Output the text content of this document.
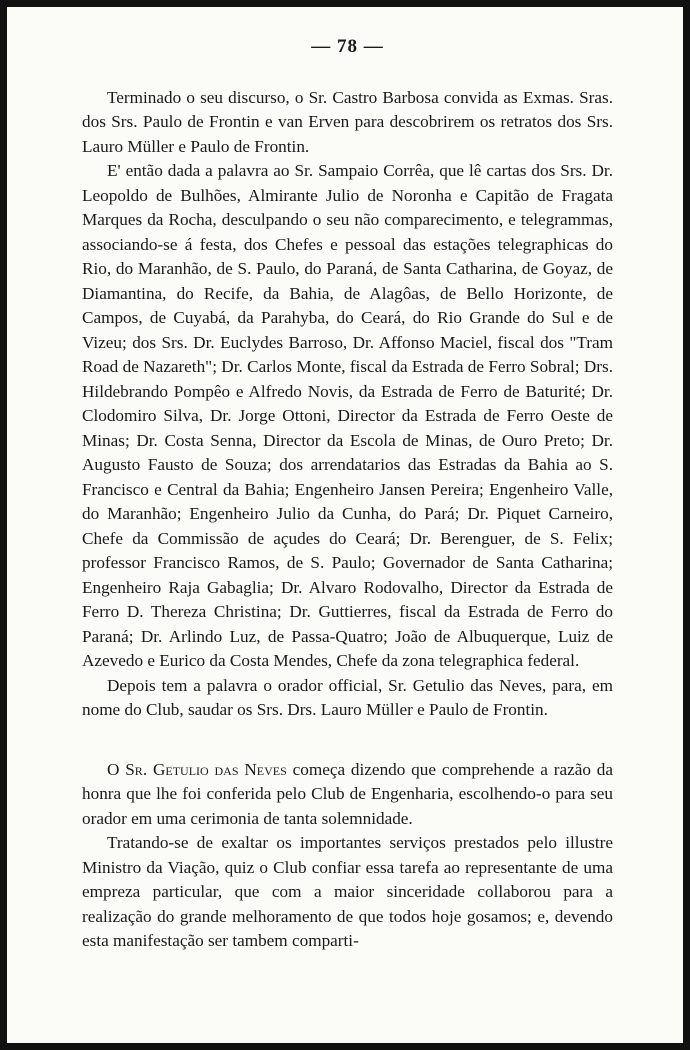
— 78 —

Terminado o seu discurso, o Sr. Castro Barbosa convida as Exmas. Sras. dos Srs. Paulo de Frontin e van Erven para descobrirem os retratos dos Srs. Lauro Müller e Paulo de Frontin.

E' então dada a palavra ao Sr. Sampaio Corrêa, que lê cartas dos Srs. Dr. Leopoldo de Bulhões, Almirante Julio de Noronha e Capitão de Fragata Marques da Rocha, desculpando o seu não comparecimento, e telegrammas, associando-se á festa, dos Chefes e pessoal das estações telegraphicas do Rio, do Maranhão, de S. Paulo, do Paraná, de Santa Catharina, de Goyaz, de Diamantina, do Recife, da Bahia, de Alagôas, de Bello Horizonte, de Campos, de Cuyabá, da Parahyba, do Ceará, do Rio Grande do Sul e de Vizeu; dos Srs. Dr. Euclydes Barroso, Dr. Affonso Maciel, fiscal dos "Tram Road de Nazareth"; Dr. Carlos Monte, fiscal da Estrada de Ferro Sobral; Drs. Hildebrando Pompêo e Alfredo Novis, da Estrada de Ferro de Baturité; Dr. Clodomiro Silva, Dr. Jorge Ottoni, Director da Estrada de Ferro Oeste de Minas; Dr. Costa Senna, Director da Escola de Minas, de Ouro Preto; Dr. Augusto Fausto de Souza; dos arrendatarios das Estradas da Bahia ao S. Francisco e Central da Bahia; Engenheiro Jansen Pereira; Engenheiro Valle, do Maranhão; Engenheiro Julio da Cunha, do Pará; Dr. Piquet Carneiro, Chefe da Commissão de açudes do Ceará; Dr. Berenguer, de S. Felix; professor Francisco Ramos, de S. Paulo; Governador de Santa Catharina; Engenheiro Raja Gabaglia; Dr. Alvaro Rodovalho, Director da Estrada de Ferro D. Thereza Christina; Dr. Guttierres, fiscal da Estrada de Ferro do Paraná; Dr. Arlindo Luz, de Passa-Quatro; João de Albuquerque, Luiz de Azevedo e Eurico da Costa Mendes, Chefe da zona telegraphica federal.

Depois tem a palavra o orador official, Sr. Getulio das Neves, para, em nome do Club, saudar os Srs. Drs. Lauro Müller e Paulo de Frontin.

O Sr. Getulio das Neves começa dizendo que comprehende a razão da honra que lhe foi conferida pelo Club de Engenharia, escolhendo-o para seu orador em uma cerimonia de tanta solemnidade.

Tratando-se de exaltar os importantes serviços prestados pelo illustre Ministro da Viação, quiz o Club confiar essa tarefa ao representante de uma empreza particular, que com a maior sinceridade collaborou para a realização do grande melhoramento de que todos hoje gosamos; e, devendo esta manifestação ser tambem comparti-
